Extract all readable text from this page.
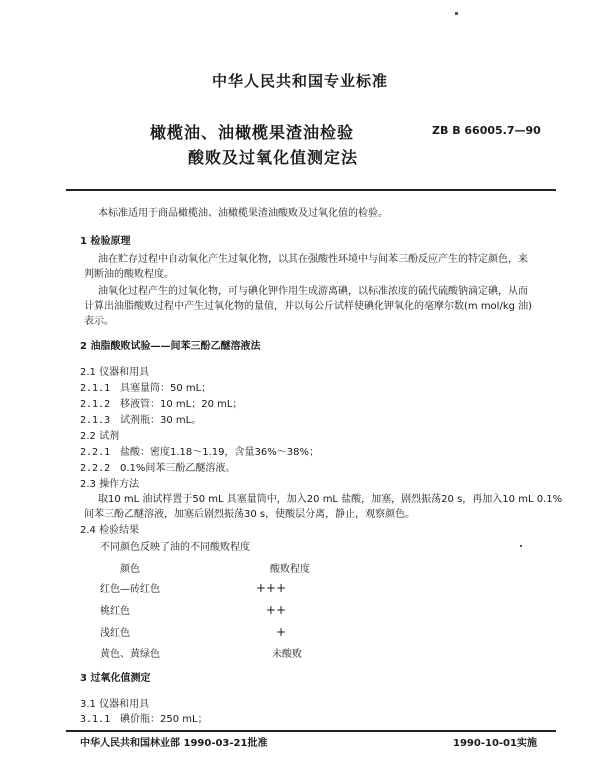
中华人民共和国专业标准
橄榄油、油橄榄果渣油检验
酸败及过氧化值测定法
ZB B 66005.7—90
本标准适用于商品橄榄油、油橄榄果渣油酸败及过氧化值的检验。
1 检验原理
油在贮存过程中自动氧化产生过氧化物，以其在强酸性环境中与间苯三酚反应产生的特定颜色，来
判断油的酸败程度。
油氧化过程产生的过氧化物，可与碘化钾作用生成游离碘，以标准浓度的硫代硫酸钠滴定碘，从而
计算出油脂酸败过程中产生过氧化物的量值，并以每公斤试样使碘化钾氧化的毫摩尔数(m mol/kg 油)
表示。
2 油脂酸败试验——间苯三酚乙醚溶液法
2.1 仪器和用具
2.1.1 具塞量筒：50 mL；
2.1.2 移液管：10 mL；20 mL；
2.1.3 试剂瓶：30 mL。
2.2 试剂
2.2.1 盐酸：密度1.18～1.19，含量36%～38%；
2.2.2 0.1%间苯三酚乙醚溶液。
2.3 操作方法
取10 mL 油试样置于50 mL 具塞量筒中，加入20 mL 盐酸，加塞，剧烈振荡20 s，再加入10 mL 0.1%
间苯三酚乙醚溶液，加塞后剧烈振荡30 s，使酸层分离，静止，观察颜色。
2.4 检验结果
不同颜色反映了油的不同酸败程度
颜色	酸败程度
红色—砖红色	+++
桃红色	++
浅红色	+
黄色、黄绿色	未酸败
3 过氧化值测定
3.1 仪器和用具
3.1.1 碘价瓶：250 mL；
中华人民共和国林业部 1990-03-21批准	1990-10-01实施
